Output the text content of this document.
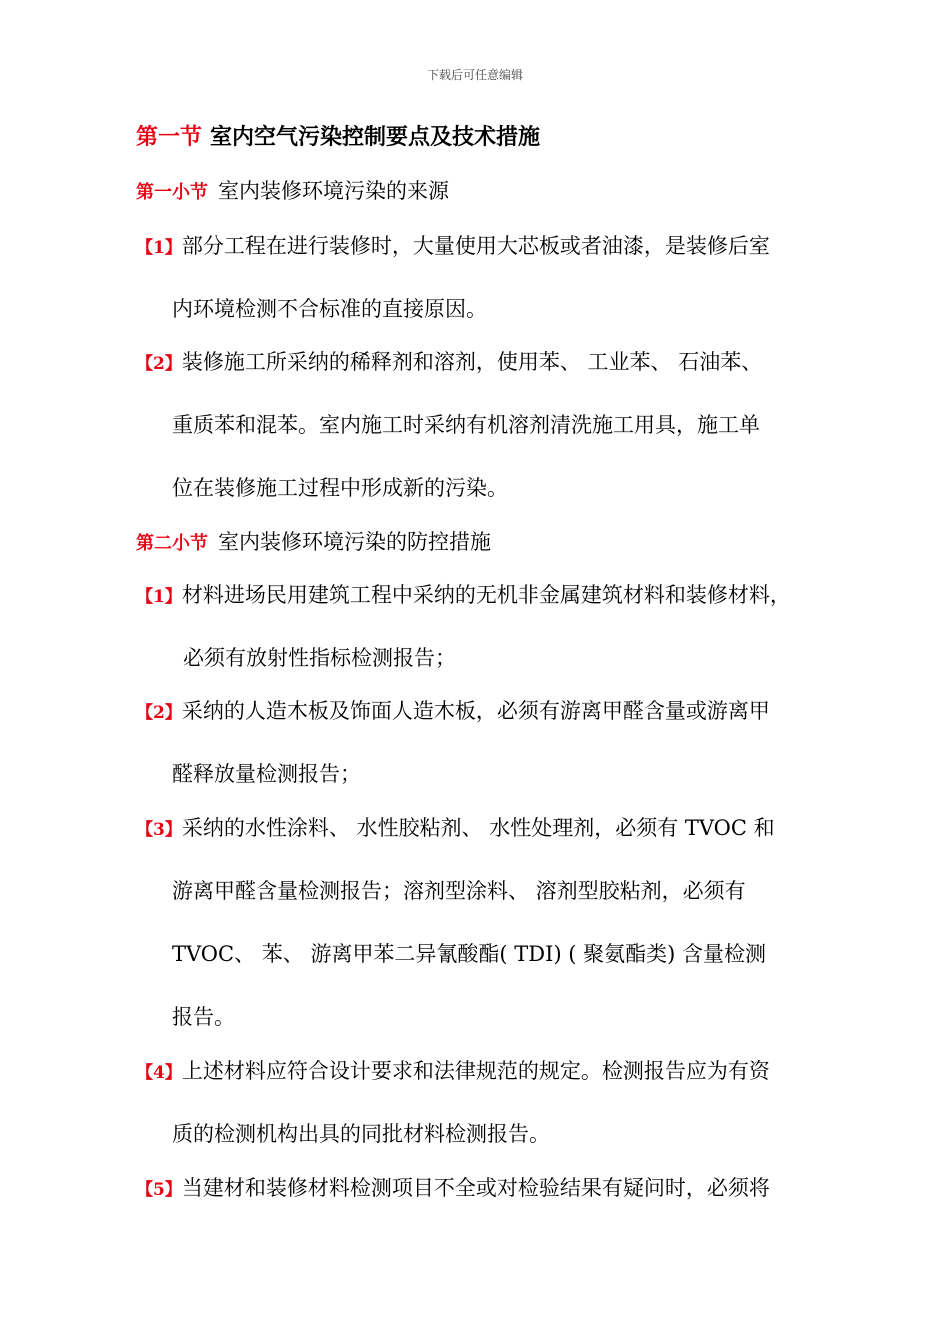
下载后可任意编辑
第一节 室内空气污染控制要点及技术措施
第一小节 室内装修环境污染的来源
【1】部分工程在进行装修时，大量使用大芯板或者油漆，是装修后室
内环境检测不合标准的直接原因。
【2】装修施工所采纳的稀释剂和溶剂，使用苯、 工业苯、 石油苯、
重质苯和混苯。室内施工时采纳有机溶剂清洗施工用具，施工单
位在装修施工过程中形成新的污染。
第二小节 室内装修环境污染的防控措施
【1】材料进场民用建筑工程中采纳的无机非金属建筑材料和装修材料，
必须有放射性指标检测报告；
【2】采纳的人造木板及饰面人造木板，必须有游离甲醛含量或游离甲
醛释放量检测报告；
【3】采纳的水性涂料、 水性胶粘剂、 水性处理剂，必须有 TVOC 和
游离甲醛含量检测报告；溶剂型涂料、 溶剂型胶粘剂，必须有
TVOC、 苯、 游离甲苯二异氰酸酯( TDI) ( 聚氨酯类) 含量检测
报告。
【4】上述材料应符合设计要求和法律规范的规定。检测报告应为有资
质的检测机构出具的同批材料检测报告。
【5】当建材和装修材料检测项目不全或对检验结果有疑问时，必须将
